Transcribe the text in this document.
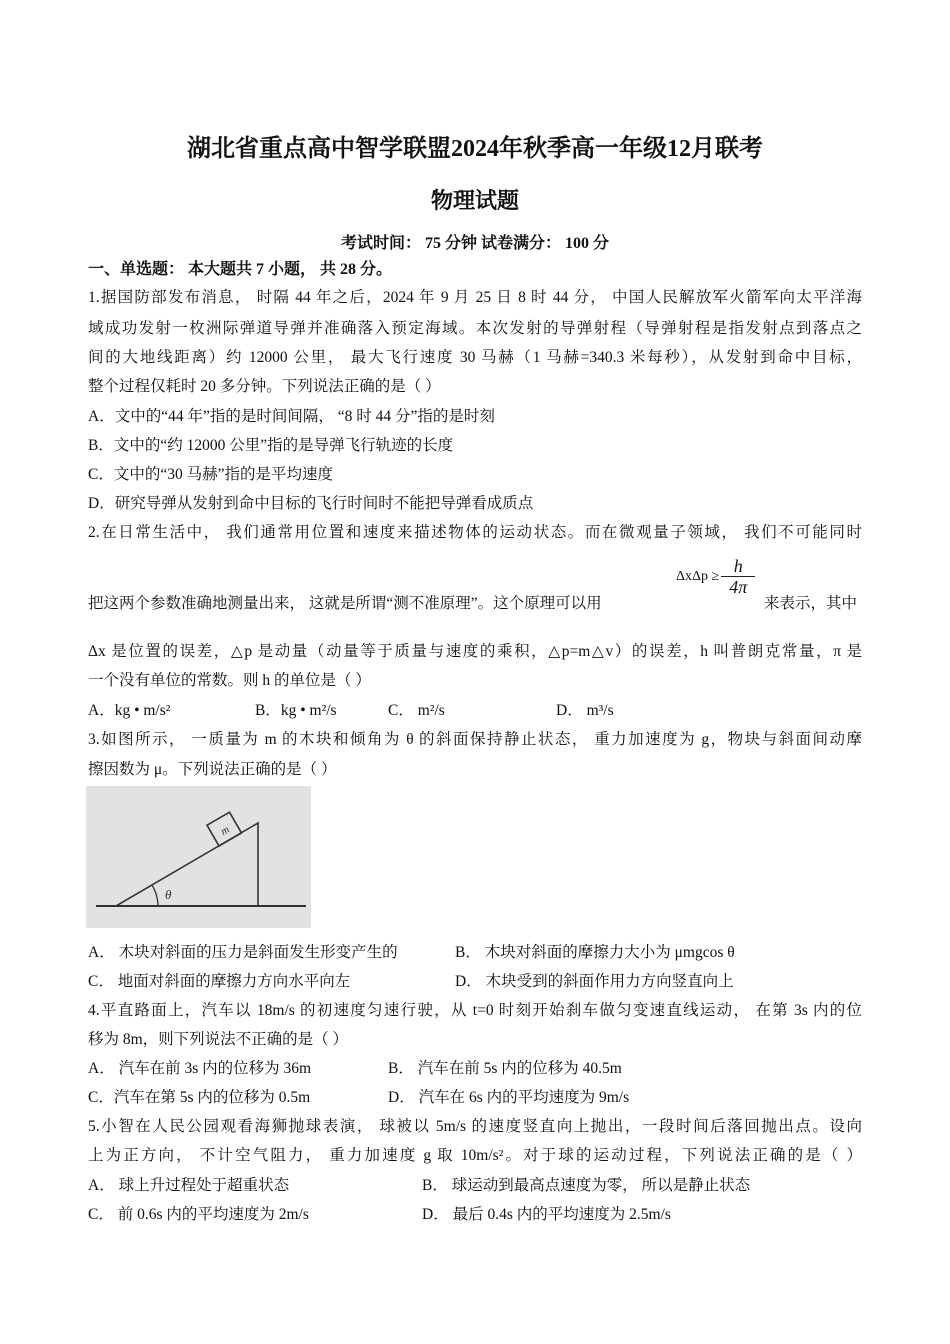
湖北省重点高中智学联盟2024年秋季高一年级12月联考
物理试题
考试时间： 75 分钟 试卷满分： 100 分
一、单选题： 本大题共 7 小题， 共 28 分。
1.据国防部发布消息， 时隔 44 年之后，2024 年 9 月 25 日 8 时 44 分， 中国人民解放军火箭军向太平洋海
域成功发射一枚洲际弹道导弹并准确落入预定海域。本次发射的导弹射程（导弹射程是指发射点到落点之
间的大地线距离）约 12000 公里， 最大飞行速度 30 马赫（1 马赫=340.3 米每秒），从发射到命中目标，
整个过程仅耗时 20 多分钟。下列说法正确的是（ ）
A．文中的“44 年”指的是时间间隔， “8 时 44 分”指的是时刻
B．文中的“约 12000 公里”指的是导弹飞行轨迹的长度
C．文中的“30 马赫”指的是平均速度
D．研究导弹从发射到命中目标的飞行时间时不能把导弹看成质点
2.在日常生活中， 我们通常用位置和速度来描述物体的运动状态。而在微观量子领域， 我们不可能同时
把这两个参数准确地测量出来， 这就是所谓“测不准原理”。这个原理可以用
$\Delta x\Delta p \ge \frac{h}{4\pi}$
来表示，其中
Δx 是位置的误差，△p 是动量（动量等于质量与速度的乘积，△p=m△v）的误差，h 叫普朗克常量，π 是
一个没有单位的常数。则 h 的单位是（ ）
A．kg • m/s²	B．kg • m²/s	C． m²/s	D． m³/s
3.如图所示， 一质量为 m 的木块和倾角为 θ 的斜面保持静止状态， 重力加速度为 g，物块与斜面间动摩
擦因数为 μ。下列说法正确的是（ ）
m
θ
A． 木块对斜面的压力是斜面发生形变产生的	B． 木块对斜面的摩擦力大小为 μmgcos θ
C． 地面对斜面的摩擦力方向水平向左	D． 木块受到的斜面作用力方向竖直向上
4.平直路面上，汽车以 18m/s 的初速度匀速行驶，从 t=0 时刻开始刹车做匀变速直线运动， 在第 3s 内的位
移为 8m，则下列说法不正确的是（ ）
A． 汽车在前 3s 内的位移为 36m	B． 汽车在前 5s 内的位移为 40.5m
C．汽车在第 5s 内的位移为 0.5m	D． 汽车在 6s 内的平均速度为 9m/s
5.小智在人民公园观看海狮抛球表演， 球被以 5m/s 的速度竖直向上抛出，一段时间后落回抛出点。设向
上为正方向， 不计空气阻力， 重力加速度 g 取 10m/s²。对于球的运动过程，下列说法正确的是（ ）
A． 球上升过程处于超重状态	B． 球运动到最高点速度为零， 所以是静止状态
C． 前 0.6s 内的平均速度为 2m/s	D． 最后 0.4s 内的平均速度为 2.5m/s
